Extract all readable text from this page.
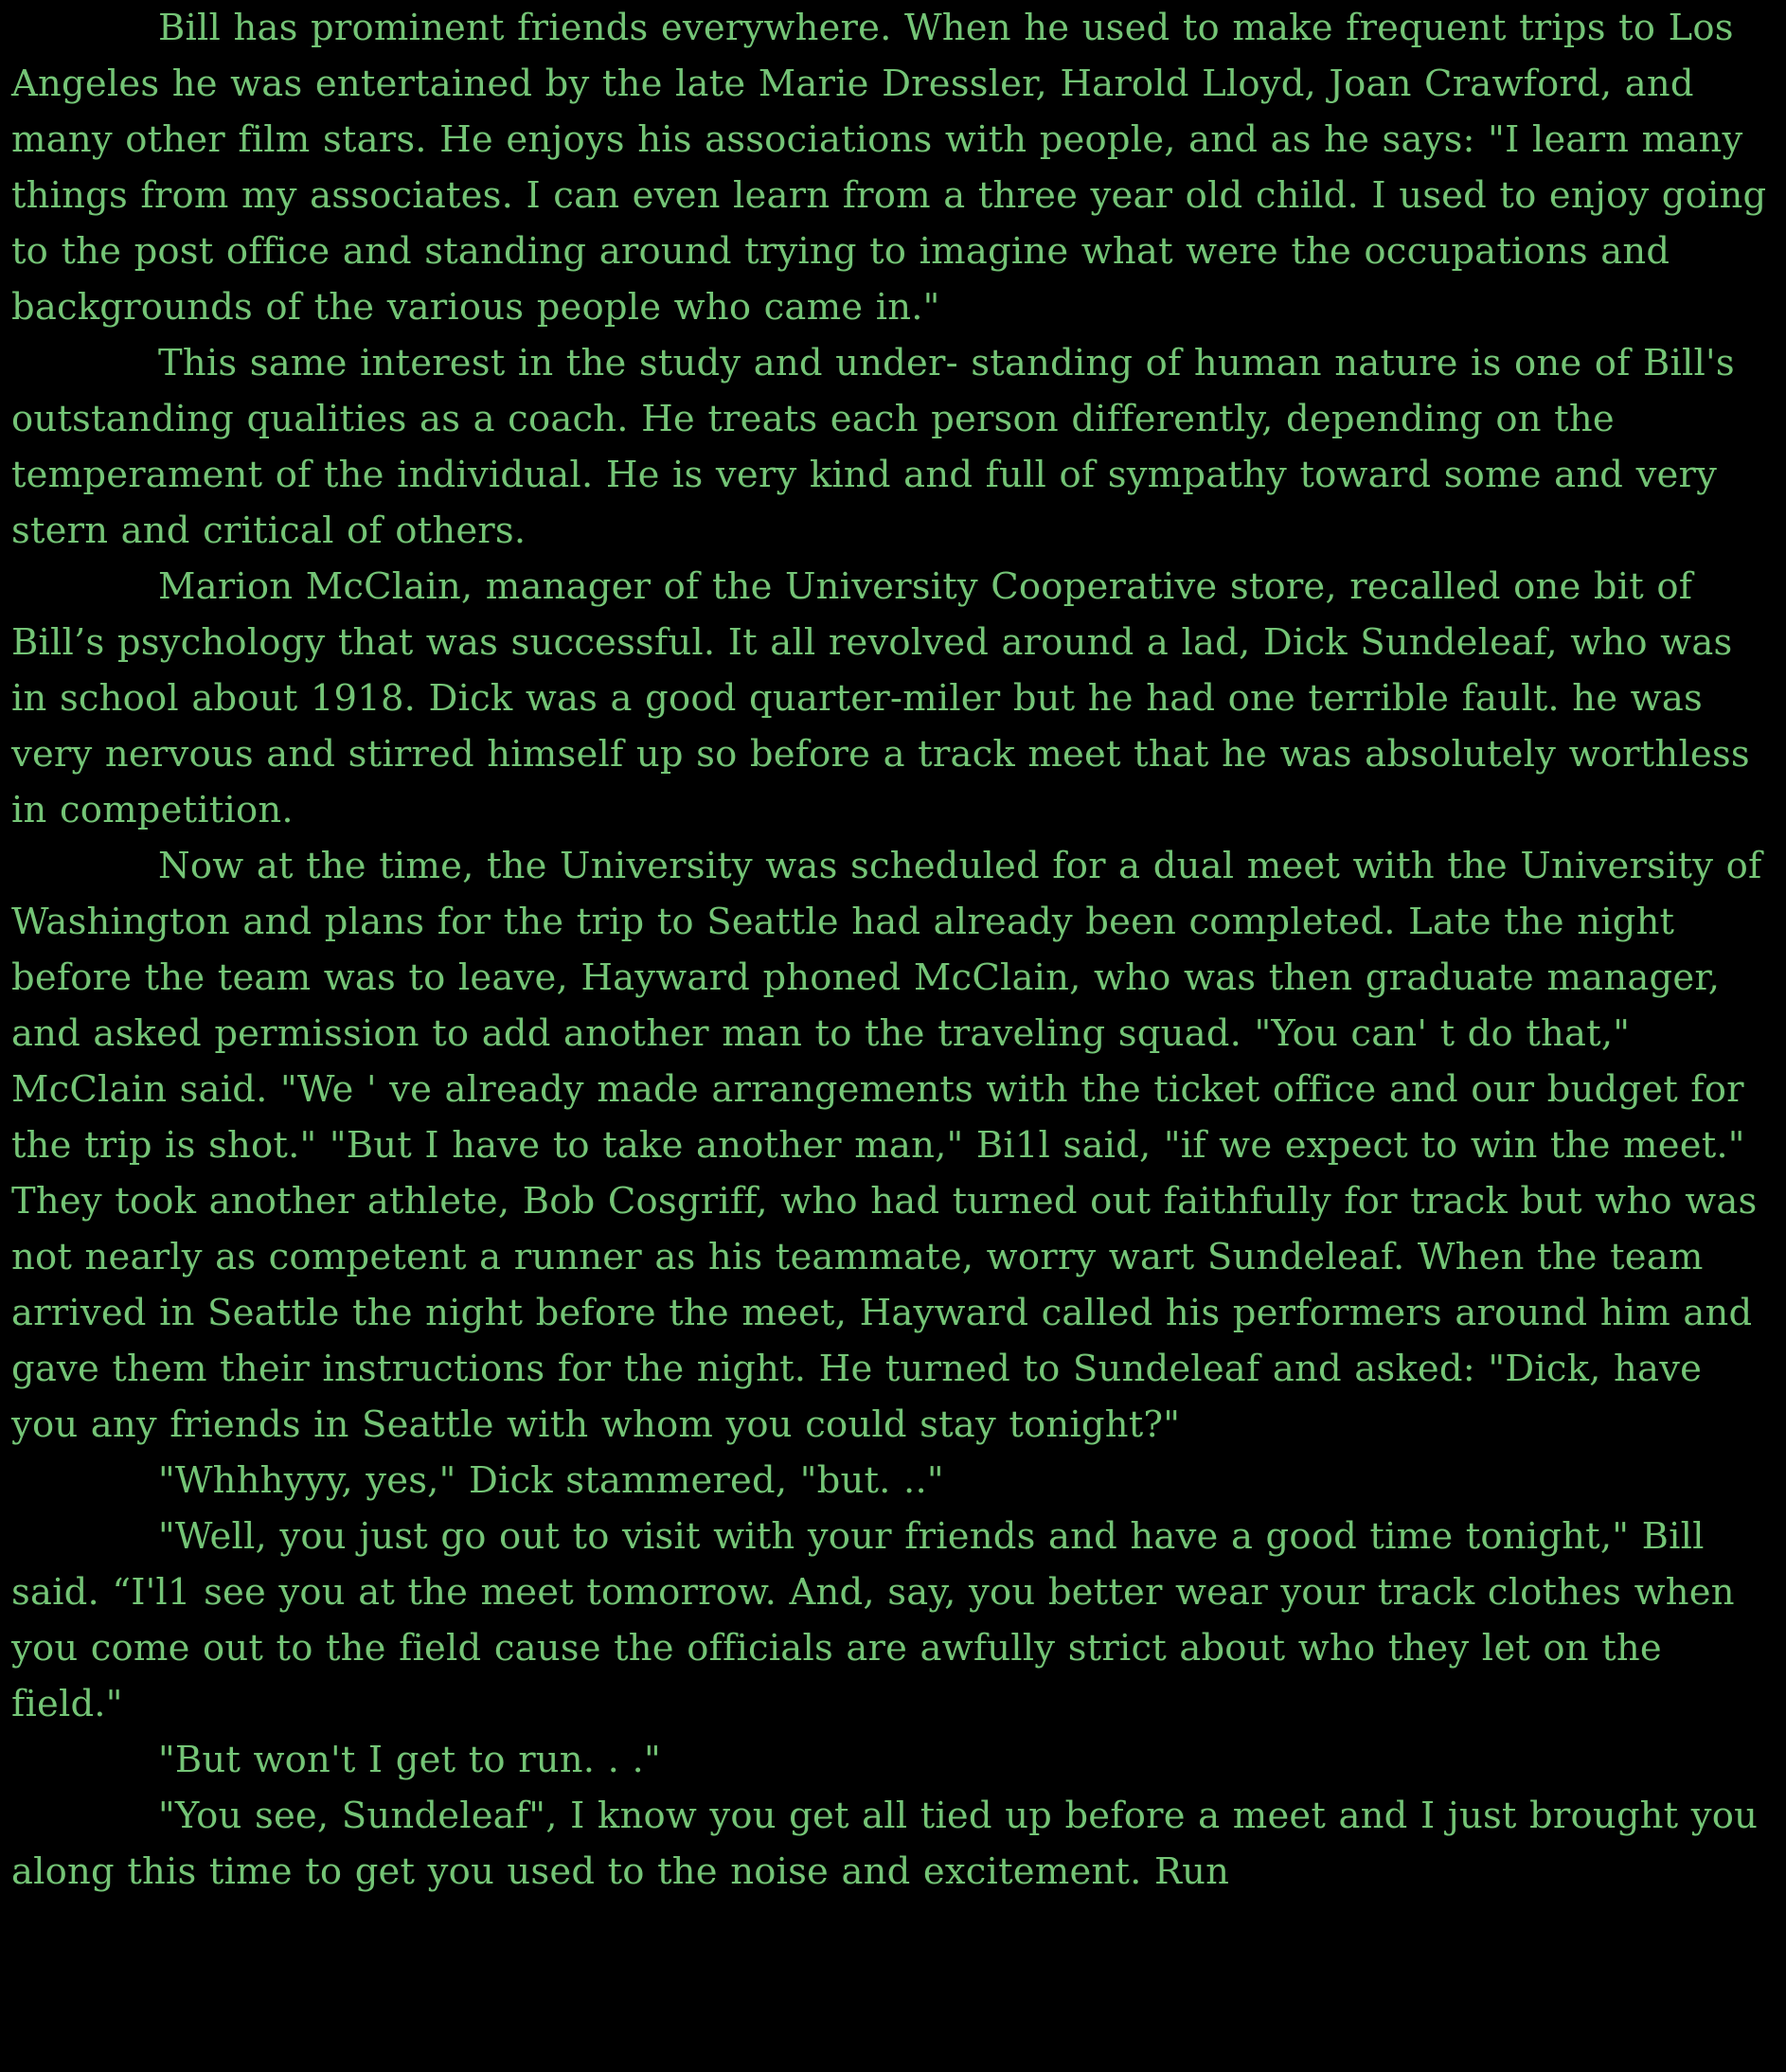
Bill has prominent friends everywhere. When he used to make frequent trips to Los Angeles he was entertained by the late Marie Dressler, Harold Lloyd, Joan Crawford, and many other film stars. He enjoys his associations with people, and as he says: "I learn many things from my associates. I can even learn from a three year old child. I used to enjoy going to the post office and standing around trying to imagine what were the occupations and backgrounds of the various people who came in."

This same interest in the study and under- standing of human nature is one of Bill's outstanding qualities as a coach. He treats each person differently, depending on the temperament of the individual. He is very kind and full of sympathy toward some and very stern and critical of others.

Marion McClain, manager of the University Cooperative store, recalled one bit of Bill’s psychology that was successful. It all revolved around a lad, Dick Sundeleaf, who was in school about 1918. Dick was a good quarter-miler but he had one terrible fault. he was very nervous and stirred himself up so before a track meet that he was absolutely worthless in competition.

Now at the time, the University was scheduled for a dual meet with the University of Washington and plans for the trip to Seattle had already been completed. Late the night before the team was to leave, Hayward phoned McClain, who was then graduate manager, and asked permission to add another man to the traveling squad. "You can' t do that," McClain said. "We ' ve already made arrangements with the ticket office and our budget for the trip is shot." "But I have to take another man," Bi1l said, "if we expect to win the meet." They took another athlete, Bob Cosgriff, who had turned out faithfully for track but who was not nearly as competent a runner as his teammate, worry wart Sundeleaf. When the team arrived in Seattle the night before the meet, Hayward called his performers around him and gave them their instructions for the night. He turned to Sundeleaf and asked: "Dick, have you any friends in Seattle with whom you could stay tonight?"

"Whhhyyy, yes," Dick stammered, "but. .."

"Well, you just go out to visit with your friends and have a good time tonight," Bill said. “I'l1 see you at the meet tomorrow. And, say, you better wear your track clothes when you come out to the field cause the officials are awfully strict about who they let on the field."

"But won't I get to run. . ."

"You see, Sundeleaf", I know you get all tied up before a meet and I just brought you along this time to get you used to the noise and excitement. Run
